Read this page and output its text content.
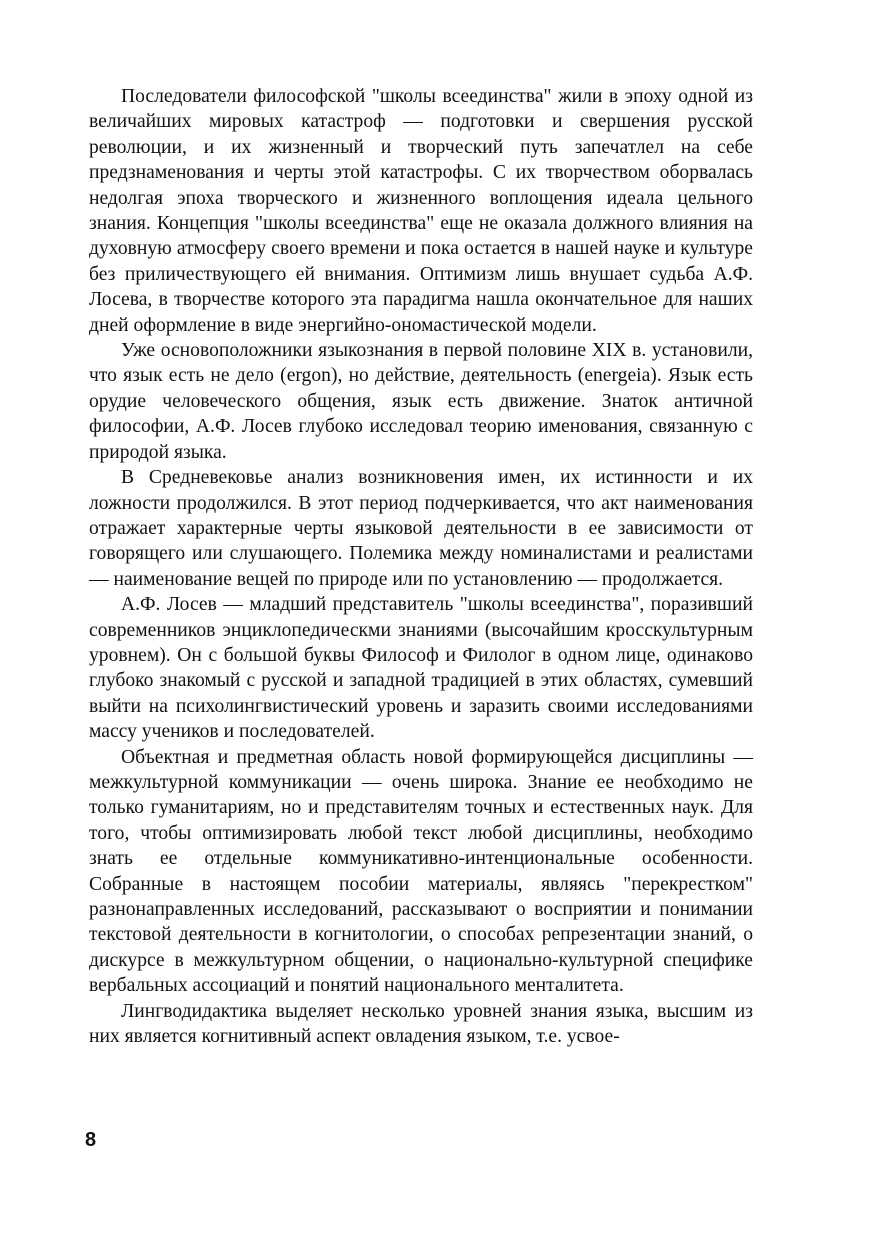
Последователи философской "школы всеединства" жили в эпоху одной из величайших мировых катастроф — подготовки и свершения русской революции, и их жизненный и творческий путь запечатлел на себе предзнаменования и черты этой катастрофы. С их творчеством оборвалась недолгая эпоха творческого и жизненного воплощения идеала цельного знания. Концепция "школы всеединства" еще не оказала должного влияния на духовную атмосферу своего времени и пока остается в нашей науке и культуре без приличествующего ей внимания. Оптимизм лишь внушает судьба А.Ф. Лосева, в творчестве которого эта парадигма нашла окончательное для наших дней оформление в виде энергийно-ономастической модели.

Уже основоположники языкознания в первой половине XIX в. установили, что язык есть не дело (ergon), но действие, деятельность (energeia). Язык есть орудие человеческого общения, язык есть движение. Знаток античной философии, А.Ф. Лосев глубоко исследовал теорию именования, связанную с природой языка.

В Средневековье анализ возникновения имен, их истинности и их ложности продолжился. В этот период подчеркивается, что акт наименования отражает характерные черты языковой деятельности в ее зависимости от говорящего или слушающего. Полемика между номиналистами и реалистами — наименование вещей по природе или по установлению — продолжается.

А.Ф. Лосев — младший представитель "школы всеединства", поразивший современников энциклопедическми знаниями (высочайшим кросскультурным уровнем). Он с большой буквы Философ и Филолог в одном лице, одинаково глубоко знакомый с русской и западной традицией в этих областях, сумевший выйти на психолингвистический уровень и заразить своими исследованиями массу учеников и последователей.

Объектная и предметная область новой формирующейся дисциплины — межкультурной коммуникации — очень широка. Знание ее необходимо не только гуманитариям, но и представителям точных и естественных наук. Для того, чтобы оптимизировать любой текст любой дисциплины, необходимо знать ее отдельные коммуникативно-интенциональные особенности. Собранные в настоящем пособии материалы, являясь "перекрестком" разнонаправленных исследований, рассказывают о восприятии и понимании текстовой деятельности в когнитологии, о способах репрезентации знаний, о дискурсе в межкультурном общении, о национально-культурной специфике вербальных ассоциаций и понятий национального менталитета.

Лингводидактика выделяет несколько уровней знания языка, высшим из них является когнитивный аспект овладения языком, т.е. усвое-

8
